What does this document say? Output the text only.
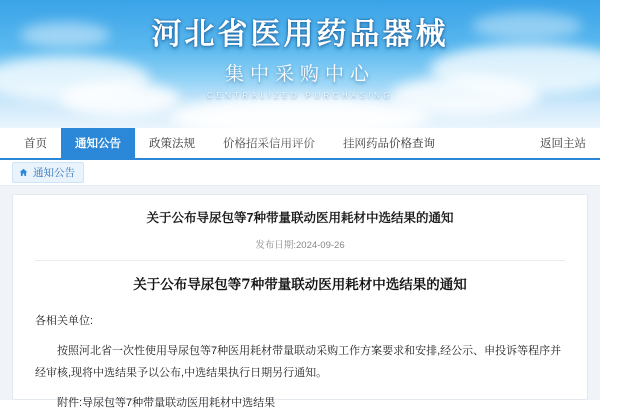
河北省医用药品器械
集中采购中心
CENTRALIZED PURCHASING
首页	通知公告	政策法规	价格招采信用评价	挂网药品价格查询	返回主站
通知公告
关于公布导尿包等7种带量联动医用耗材中选结果的通知
发布日期:2024-09-26
关于公布导尿包等7种带量联动医用耗材中选结果的通知

各相关单位:

按照河北省一次性使用导尿包等7种医用耗材带量联动采购工作方案要求和安排,经公示、申投诉等程序并经审核,现将中选结果予以公布,中选结果执行日期另行通知。

附件:导尿包等7种带量联动医用耗材中选结果
